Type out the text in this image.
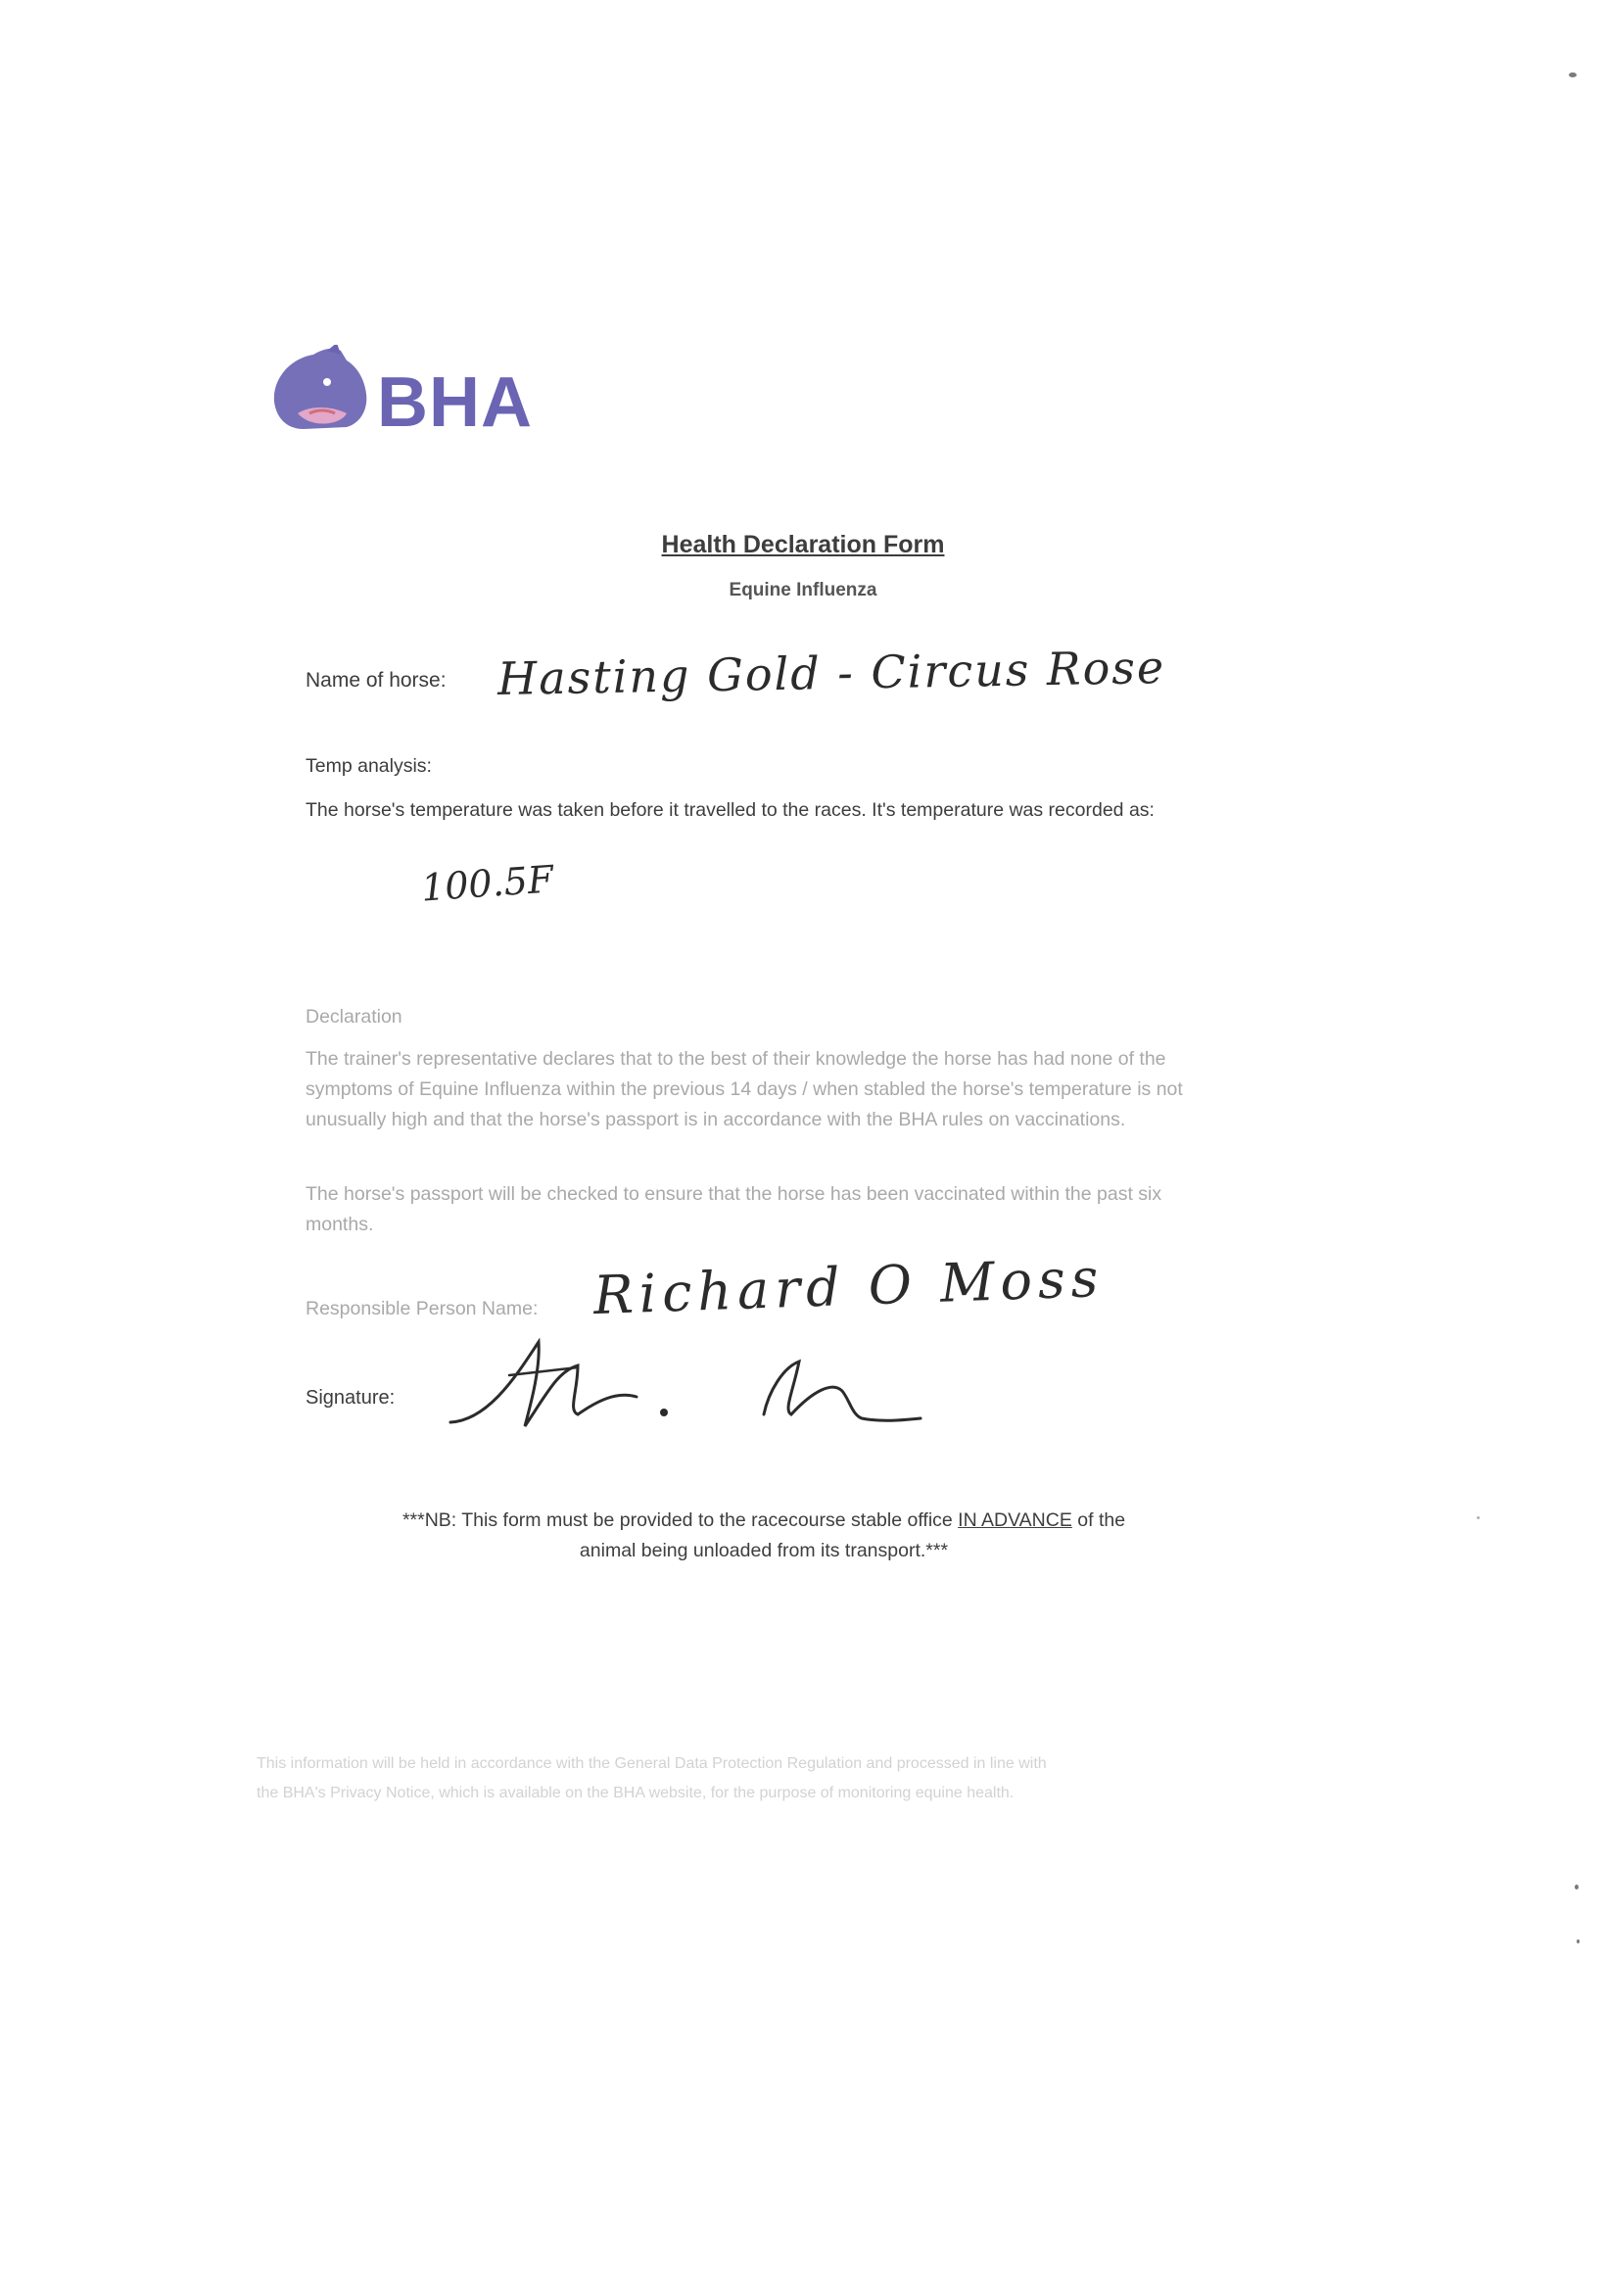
BHA
Health Declaration Form
Equine Influenza
Name of horse: Hasting Gold - Circus Rose
Temp analysis:
The horse's temperature was taken before it travelled to the races. It's temperature was recorded as:
100.5F
Declaration
The trainer's representative declares that to the best of their knowledge the horse has had none of the symptoms of Equine Influenza within the previous 14 days / when stabled the horse's temperature is not unusually high and that the horse's passport is in accordance with the BHA rules on vaccinations.
The horse's passport will be checked to ensure that the horse has been vaccinated within the past six months.
Responsible Person Name: Richard O Moss
Signature:
***NB: This form must be provided to the racecourse stable office IN ADVANCE of the
animal being unloaded from its transport.***
This information will be held in accordance with the General Data Protection Regulation and processed in line with
the BHA's Privacy Notice, which is available on the BHA website, for the purpose of monitoring equine health.
